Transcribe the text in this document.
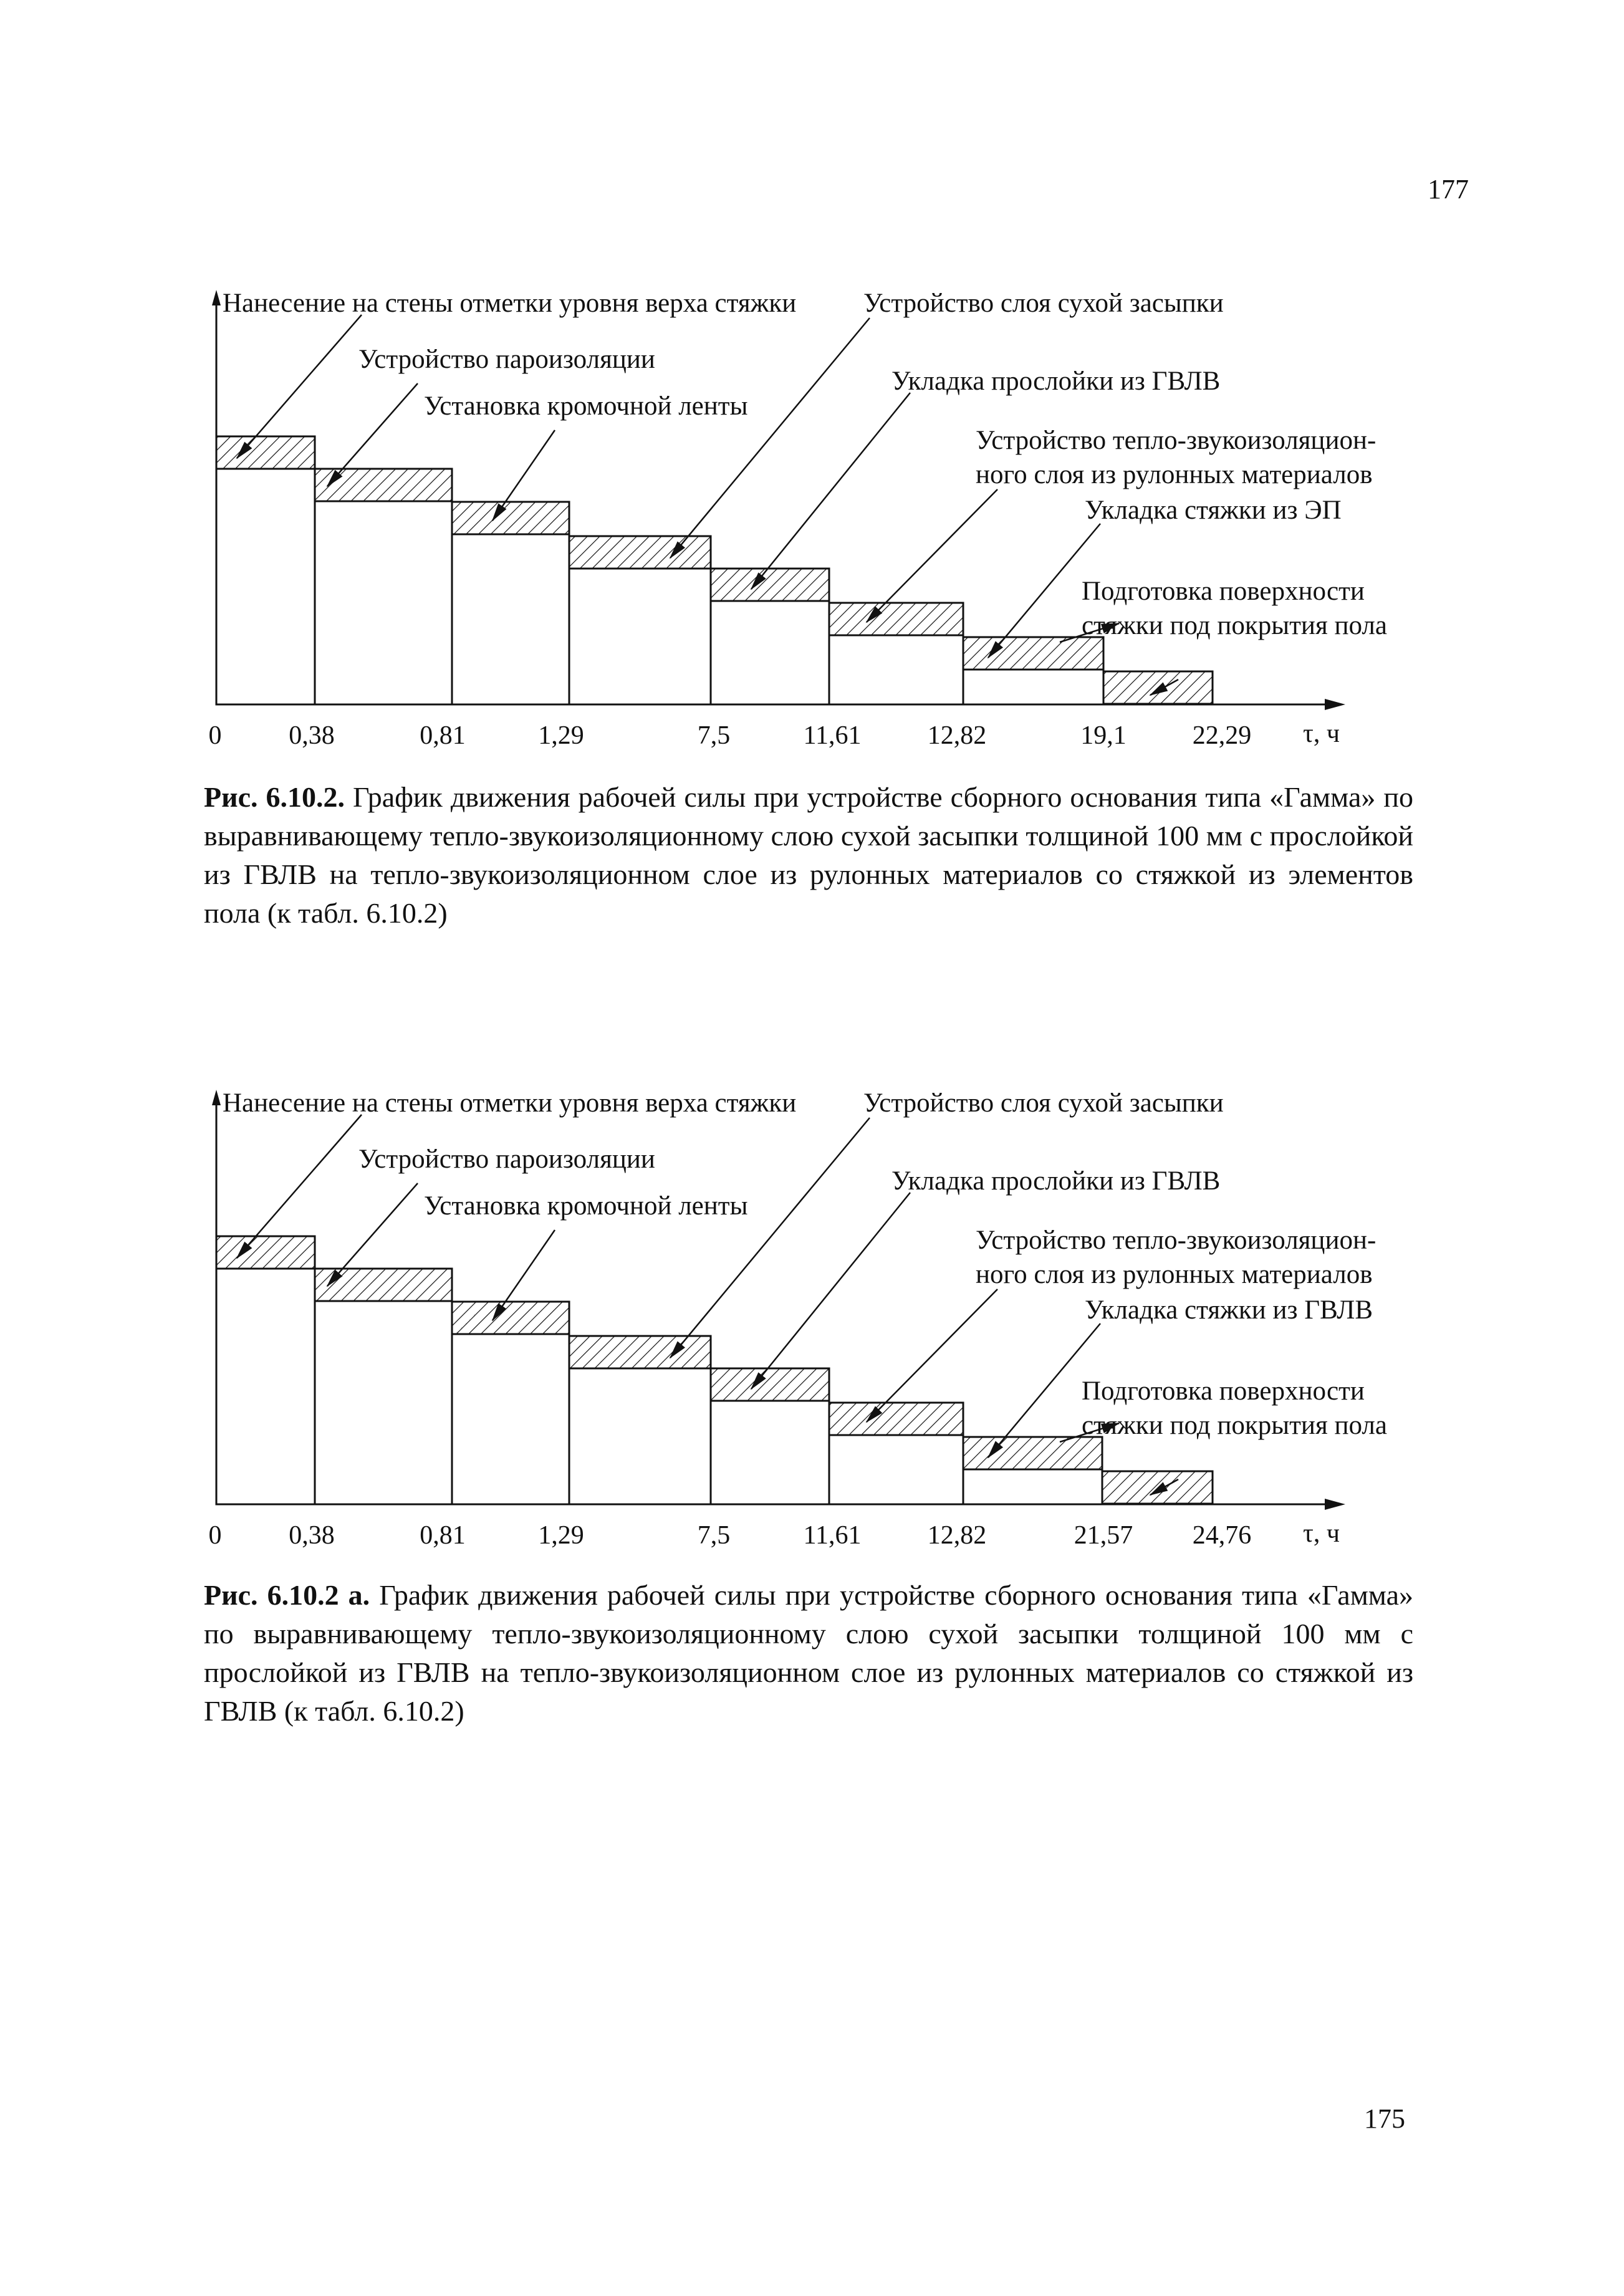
177
0	0,38	0,81	1,29	7,5	11,61	12,82	19,1	22,29 τ, ч
Нанесение на стены отметки уровня верха стяжки	Устройство слоя сухой засыпки
Устройство пароизоляции
Установка кромочной ленты
Укладка прослойки из ГВЛВ
Устройство тепло-звукоизоляцион-
ного слоя из рулонных материалов
Укладка стяжки из ЭП
Подготовка поверхности
стяжки под покрытия пола
Рис. 6.10.2. График движения рабочей силы при устройстве сборного основания типа «Гамма» по выравнивающему тепло-звукоизоляционному слою сухой засыпки толщиной 100 мм с прослойкой из ГВЛВ на тепло-звукоизоляционном слое из рулонных материалов со стяжкой из элементов пола (к табл. 6.10.2)
0	0,38	0,81	1,29	7,5	11,61	12,82	21,57 24,76 τ, ч
Нанесение на стены отметки уровня верха стяжки	Устройство слоя сухой засыпки
Устройство пароизоляции
Установка кромочной ленты
Укладка прослойки из ГВЛВ
Устройство тепло-звукоизоляцион-
ного слоя из рулонных материалов
Укладка стяжки из ГВЛВ
Подготовка поверхности
стяжки под покрытия пола
Рис. 6.10.2 а. График движения рабочей силы при устройстве сборного основания типа «Гамма» по выравнивающему тепло-звукоизоляционному слою сухой засыпки толщиной 100 мм с прослойкой из ГВЛВ на тепло-звукоизоляционном слое из рулонных материалов со стяжкой из ГВЛВ (к табл. 6.10.2)
175
